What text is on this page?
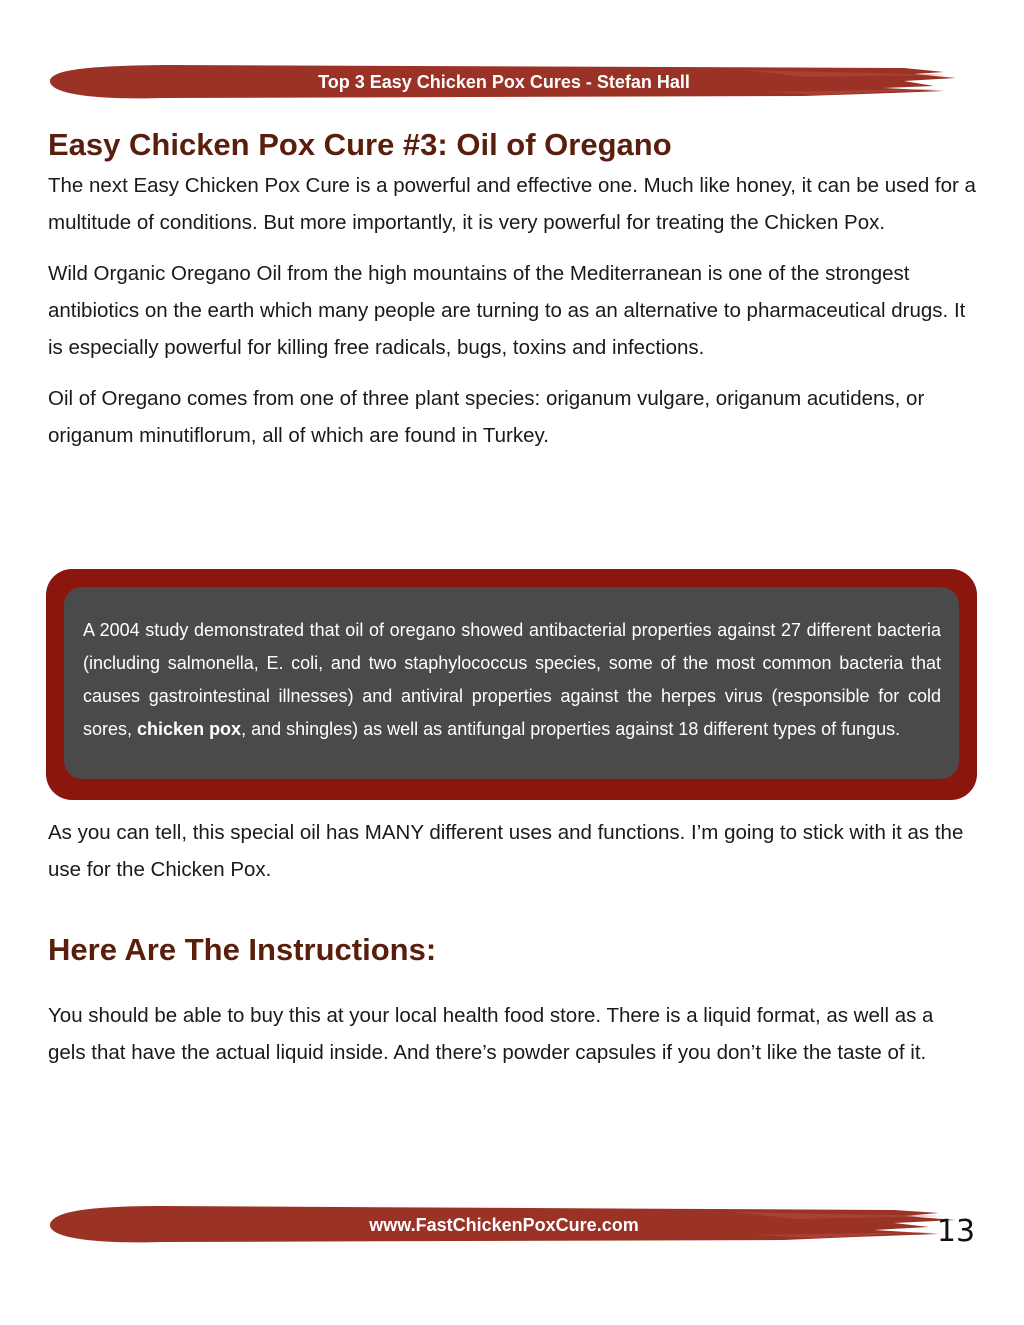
Top 3 Easy Chicken Pox Cures - Stefan Hall
Easy Chicken Pox Cure #3: Oil of Oregano

The next Easy Chicken Pox Cure is a powerful and effective one. Much like honey, it can be used for a multitude of conditions. But more importantly, it is very powerful for treating the Chicken Pox.

Wild Organic Oregano Oil from the high mountains of the Mediterranean is one of the strongest antibiotics on the earth which many people are turning to as an alternative to pharmaceutical drugs. It is especially powerful for killing free radicals, bugs, toxins and infections.

Oil of Oregano comes from one of three plant species: origanum vulgare, origanum acutidens, or origanum minutiflorum, all of which are found in Turkey.

A 2004 study demonstrated that oil of oregano showed antibacterial properties against 27 different bacteria (including salmonella, E. coli, and two staphylococcus species, some of the most common bacteria that causes gastrointestinal illnesses) and antiviral properties against the herpes virus (responsible for cold sores, chicken pox, and shingles) as well as antifungal properties against 18 different types of fungus.

As you can tell, this special oil has MANY different uses and functions. I’m going to stick with it as the use for the Chicken Pox.

Here Are The Instructions:

You should be able to buy this at your local health food store. There is a liquid format, as well as a gels that have the actual liquid inside. And there’s powder capsules if you don’t like the taste of it.

www.FastChickenPoxCure.com	13
